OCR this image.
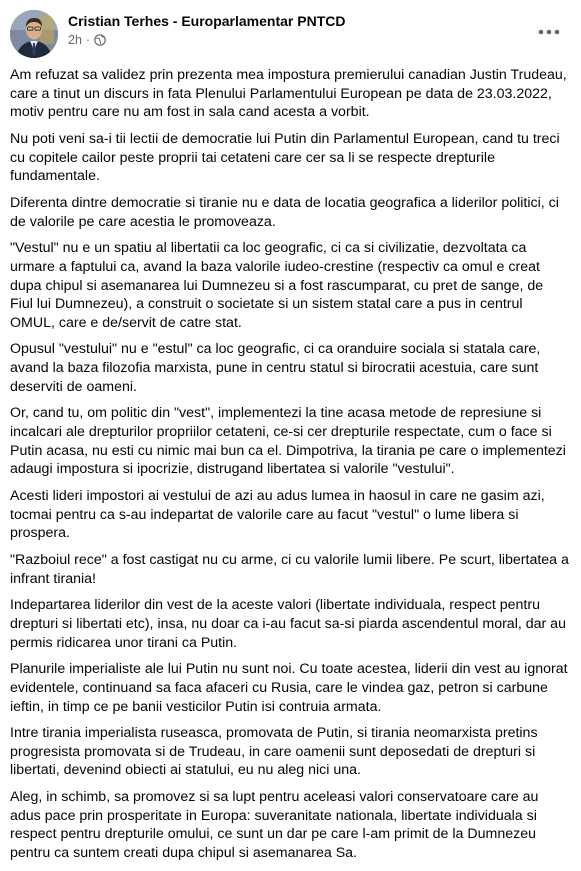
Cristian Terhes - Europarlamentar PNTCD
2h ·

Am refuzat sa validez prin prezenta mea impostura premierului canadian Justin Trudeau, care a tinut un discurs in fata Plenului Parlamentului European pe data de 23.03.2022, motiv pentru care nu am fost in sala cand acesta a vorbit.

Nu poti veni sa-i tii lectii de democratie lui Putin din Parlamentul European, cand tu treci cu copitele cailor peste proprii tai cetateni care cer sa li se respecte drepturile fundamentale.

Diferenta dintre democratie si tiranie nu e data de locatia geografica a liderilor politici, ci de valorile pe care acestia le promoveaza.

"Vestul" nu e un spatiu al libertatii ca loc geografic, ci ca si civilizatie, dezvoltata ca urmare a faptului ca, avand la baza valorile iudeo-crestine (respectiv ca omul e creat dupa chipul si asemanarea lui Dumnezeu si a fost rascumparat, cu pret de sange, de Fiul lui Dumnezeu), a construit o societate si un sistem statal care a pus in centrul OMUL, care e de/servit de catre stat.

Opusul "vestului" nu e "estul" ca loc geografic, ci ca oranduire sociala si statala care, avand la baza filozofia marxista, pune in centru statul si birocratii acestuia, care sunt deserviti de oameni.

Or, cand tu, om politic din "vest", implementezi la tine acasa metode de represiune si incalcari ale drepturilor propriilor cetateni, ce-si cer drepturile respectate, cum o face si Putin acasa, nu esti cu nimic mai bun ca el. Dimpotriva, la tirania pe care o implementezi adaugi impostura si ipocrizie, distrugand libertatea si valorile "vestului".

Acesti lideri impostori ai vestului de azi au adus lumea in haosul in care ne gasim azi, tocmai pentru ca s-au indepartat de valorile care au facut "vestul" o lume libera si prospera.

"Razboiul rece" a fost castigat nu cu arme, ci cu valorile lumii libere. Pe scurt, libertatea a infrant tirania!

Indepartarea liderilor din vest de la aceste valori (libertate individuala, respect pentru drepturi si libertati etc), insa, nu doar ca i-au facut sa-si piarda ascendentul moral, dar au permis ridicarea unor tirani ca Putin.

Planurile imperialiste ale lui Putin nu sunt noi. Cu toate acestea, liderii din vest au ignorat evidentele, continuand sa faca afaceri cu Rusia, care le vindea gaz, petron si carbune ieftin, in timp ce pe banii vesticilor Putin isi contruia armata.

Intre tirania imperialista ruseasca, promovata de Putin, si tirania neomarxista pretins progresista promovata si de Trudeau, in care oamenii sunt deposedati de drepturi si libertati, devenind obiecti ai statului, eu nu aleg nici una.

Aleg, in schimb, sa promovez si sa lupt pentru aceleasi valori conservatoare care au adus pace prin prosperitate in Europa: suveranitate nationala, libertate individuala si respect pentru drepturile omului, ce sunt un dar pe care l-am primit de la Dumnezeu pentru ca suntem creati dupa chipul si asemanarea Sa.
